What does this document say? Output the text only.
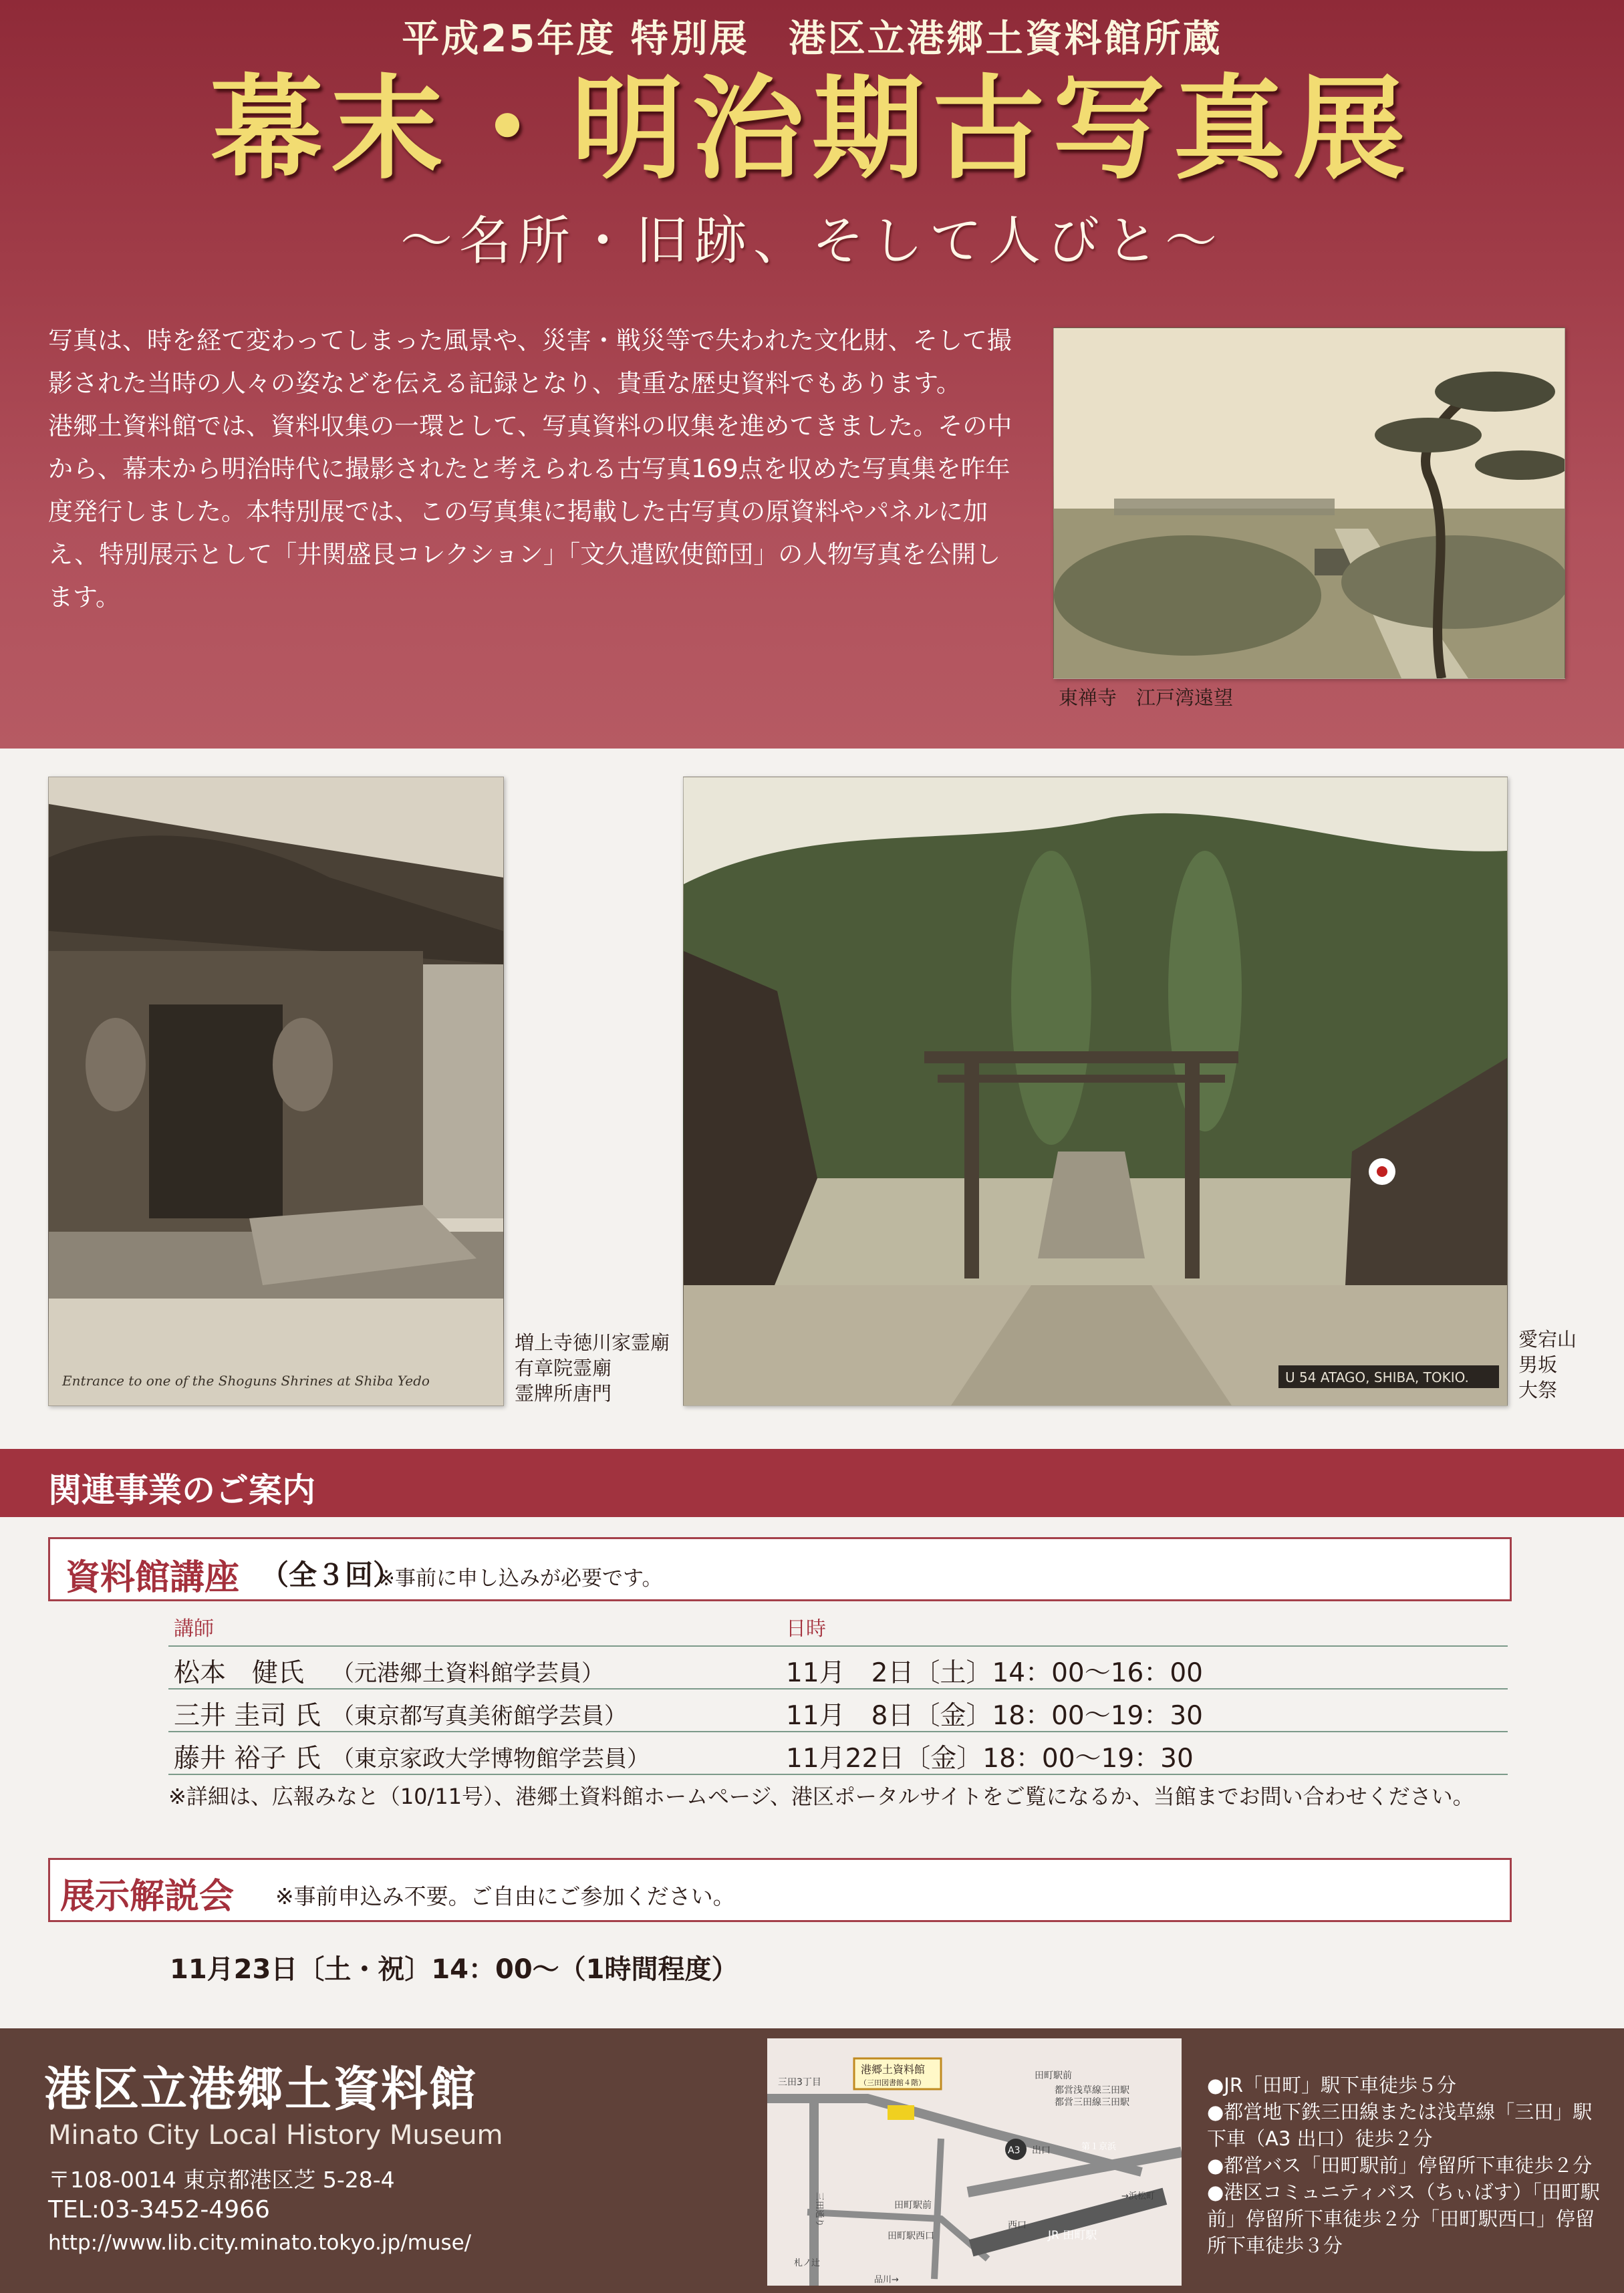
平成25年度 特別展　港区立港郷土資料館所蔵
幕末・明治期古写真展
～名所・旧跡、そして人びと～

写真は、時を経て変わってしまった風景や、災害・戦災等で失われた文化財、そして撮影された当時の人々の姿などを伝える記録となり、貴重な歴史資料でもあります。

港郷土資料館では、資料収集の一環として、写真資料の収集を進めてきました。その中から、幕末から明治時代に撮影されたと考えられる古写真169点を収めた写真集を昨年度発行しました。本特別展では、この写真集に掲載した古写真の原資料やパネルに加え、特別展示として「井関盛艮コレクション」「文久遣欧使節団」の人物写真を公開します。

東禅寺　江戸湾遠望
Entrance to one of the Shoguns Shrines at Shiba Yedo
増上寺徳川家霊廟
有章院霊廟
霊牌所唐門
U 54 ATAGO, SHIBA, TOKIO.
愛宕山
男坂
大祭
関連事業のご案内
資料館講座 （全３回）
※事前に申し込みが必要です。
講師	日時
松本　健氏 （元港郷土資料館学芸員）	11月　2日〔土〕14：00～16：00
三井 圭司 氏 （東京都写真美術館学芸員）	11月　8日〔金〕18：00～19：30
藤井 裕子 氏 （東京家政大学博物館学芸員）	11月22日〔金〕18：00～19：30
※詳細は、広報みなと（10/11号）、港郷土資料館ホームページ、港区ポータルサイトをご覧になるか、当館までお問い合わせください。
展示解説会 ※事前申込み不要。ご自由にご参加ください。
11月23日〔土・祝〕14：00～（1時間程度）
港区立港郷土資料館
Minato City Local History Museum
〒108-0014 東京都港区芝 5-28-4
TEL:03-3452-4966
http://www.lib.city.minato.tokyo.jp/muse/
港郷土資料館
（三田図書館４階）
三田3丁目
田町駅前
都営浅草線三田駅
都営三田線三田駅
A3 出口	第１京浜
三田通り	田町駅前
田町駅西口
西口
JR 田町駅
札ノ辻
品川→
→浜松町
●JR「田町」駅下車徒歩５分
●都営地下鉄三田線または浅草線「三田」駅下車（A3 出口）徒歩２分
●都営バス「田町駅前」停留所下車徒歩２分
●港区コミュニティバス（ちぃばす）「田町駅前」停留所下車徒歩２分「田町駅西口」停留所下車徒歩３分
